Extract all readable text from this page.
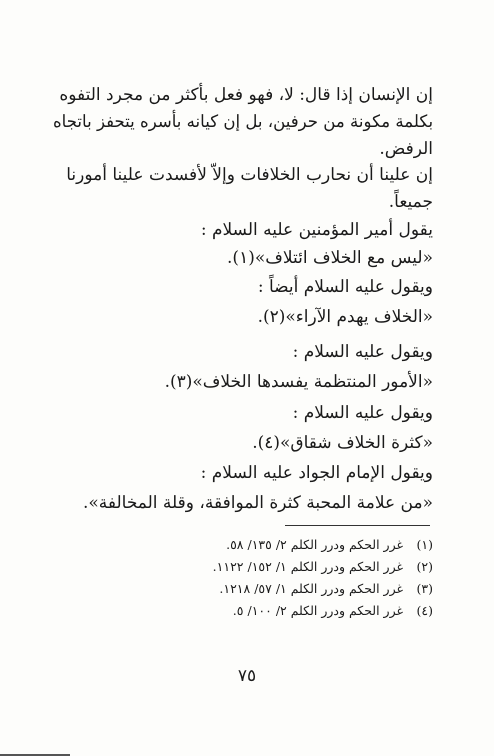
إن الإنسان إذا قال: لا، فهو فعل بأكثر من مجرد التفوه
بكلمة مكونة من حرفين، بل إن كيانه بأسره يتحفز باتجاه
الرفض.
إن علينا أن نحارب الخلافات وإلاّ لأفسدت علينا أمورنا
جميعاً.
يقول أمير المؤمنين عليه السلام :
«ليس مع الخلاف ائتلاف»(١).
ويقول عليه السلام أيضاً :
«الخلاف يهدم الآراء»(٢).
ويقول عليه السلام :
«الأمور المنتظمة يفسدها الخلاف»(٣).
ويقول عليه السلام :
«كثرة الخلاف شقاق»(٤).
ويقول الإمام الجواد عليه السلام :
«من علامة المحبة كثرة الموافقة، وقلة المخالفة».
(١) غرر الحكم ودرر الكلم ٢/ ١٣٥/ ٥٨.
(٢) غرر الحكم ودرر الكلم ١/ ١٥٢/ ١١٢٢.
(٣) غرر الحكم ودرر الكلم ١/ ٥٧/ ١٢١٨.
(٤) غرر الحكم ودرر الكلم ٢/ ١٠٠/ ٥.
٧٥
